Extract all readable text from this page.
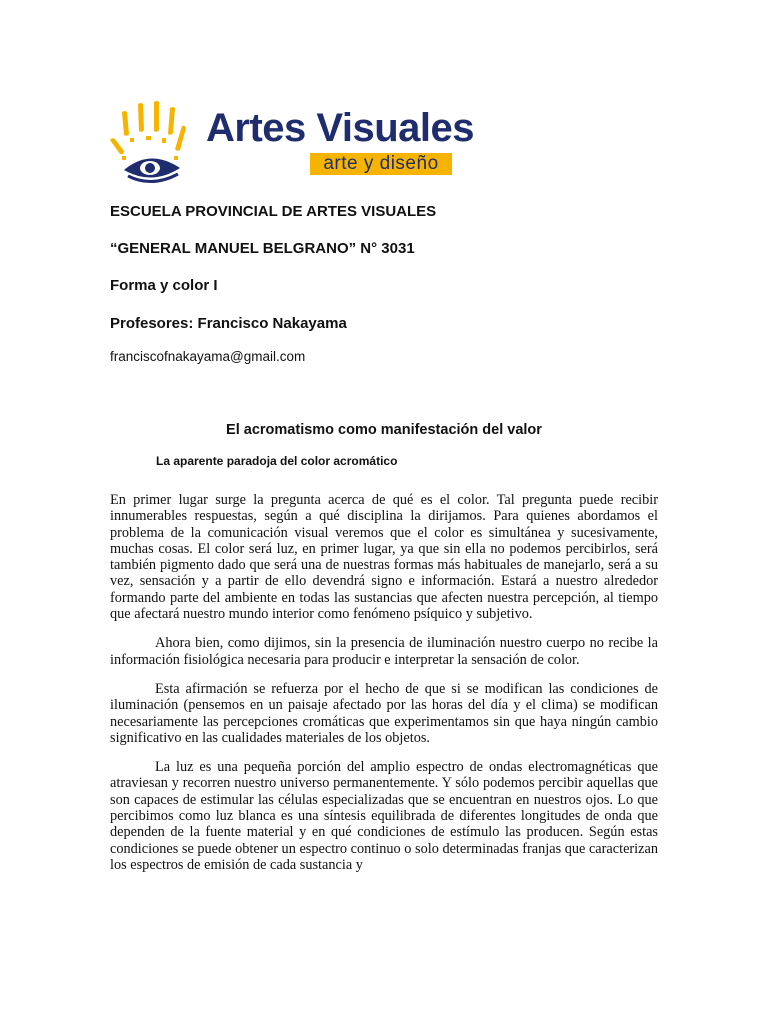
Artes Visuales
arte y diseño
ESCUELA PROVINCIAL DE ARTES VISUALES
“GENERAL MANUEL BELGRANO” N° 3031
Forma y color I
Profesores: Francisco Nakayama
franciscofnakayama@gmail.com
El acromatismo como manifestación del valor
La aparente paradoja del color acromático

En primer lugar surge la pregunta acerca de qué es el color. Tal pregunta puede recibir innumerables respuestas, según a qué disciplina la dirijamos. Para quienes abordamos el problema de la comunicación visual veremos que el color es simultánea y sucesivamente, muchas cosas. El color será luz, en primer lugar, ya que sin ella no podemos percibirlos, será también pigmento dado que será una de nuestras formas más habituales de manejarlo, será a su vez, sensación y a partir de ello devendrá signo e información. Estará a nuestro alrededor formando parte del ambiente en todas las sustancias que afecten nuestra percepción, al tiempo que afectará nuestro mundo interior como fenómeno psíquico y subjetivo.

Ahora bien, como dijimos, sin la presencia de iluminación nuestro cuerpo no recibe la información fisiológica necesaria para producir e interpretar la sensación de color.

Esta afirmación se refuerza por el hecho de que si se modifican las condiciones de iluminación (pensemos en un paisaje afectado por las horas del día y el clima) se modifican necesariamente las percepciones cromáticas que experimentamos sin que haya ningún cambio significativo en las cualidades materiales de los objetos.

La luz es una pequeña porción del amplio espectro de ondas electromagnéticas que atraviesan y recorren nuestro universo permanentemente. Y sólo podemos percibir aquellas que son capaces de estimular las células especializadas que se encuentran en nuestros ojos. Lo que percibimos como luz blanca es una síntesis equilibrada de diferentes longitudes de onda que dependen de la fuente material y en qué condiciones de estímulo las producen. Según estas condiciones se puede obtener un espectro continuo o solo determinadas franjas que caracterizan los espectros de emisión de cada sustancia y
